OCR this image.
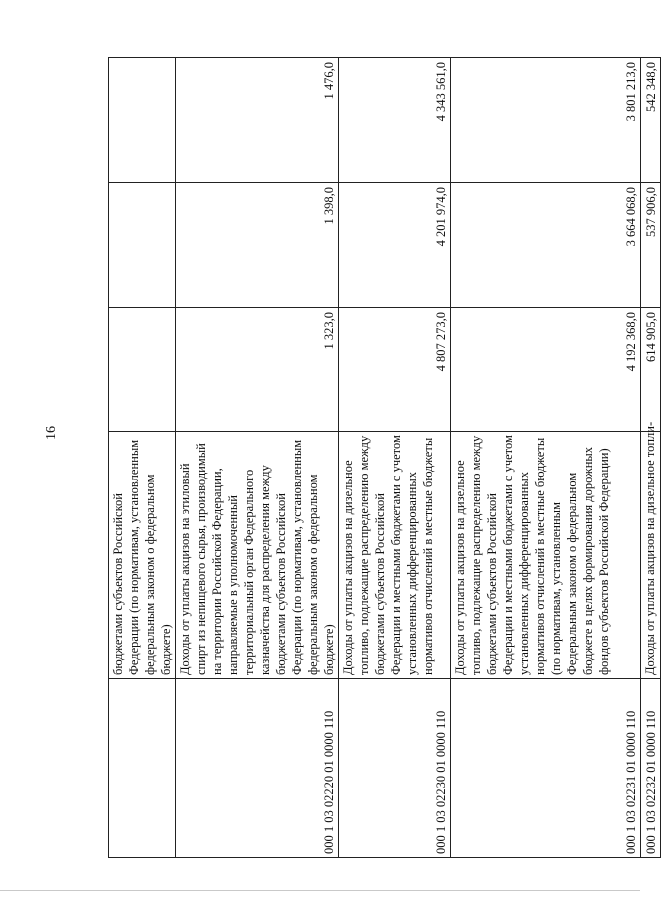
16
	бюджетами субъектов Российской Федерации (по нормативам, установленным федеральным законом о федеральном бюджете)			
000 1 03 02220 01 0000 110	Доходы от уплаты акцизов на этиловый спирт из непищевого сырья, производимый на территории Российской Федерации, направляемые в уполномоченный территориальный орган Федерального казначейства для распределения между бюджетами субъектов Российской Федерации (по нормативам, установленным федеральным законом о федеральном бюджете)	1 323,0	1 398,0	1 476,0
000 1 03 02230 01 0000 110	Доходы от уплаты акцизов на дизельное топливо, подлежащие распределению между бюджетами субъектов Российской Федерации и местными бюджетами с учетом установленных дифференцированных нормативов отчислений в местные бюджеты	4 807 273,0	4 201 974,0	4 343 561,0
000 1 03 02231 01 0000 110	Доходы от уплаты акцизов на дизельное топливо, подлежащие распределению между бюджетами субъектов Российской Федерации и местными бюджетами с учетом установленных дифференцированных нормативов отчислений в местные бюджеты (по нормативам, установленным Федеральным законом о федеральном бюджете в целях формирования дорожных фондов субъектов Российской Федерации)	4 192 368,0	3 664 068,0	3 801 213,0
000 1 03 02232 01 0000 110	Доходы от уплаты акцизов на дизельное топли-	614 905,0	537 906,0	542 348,0
